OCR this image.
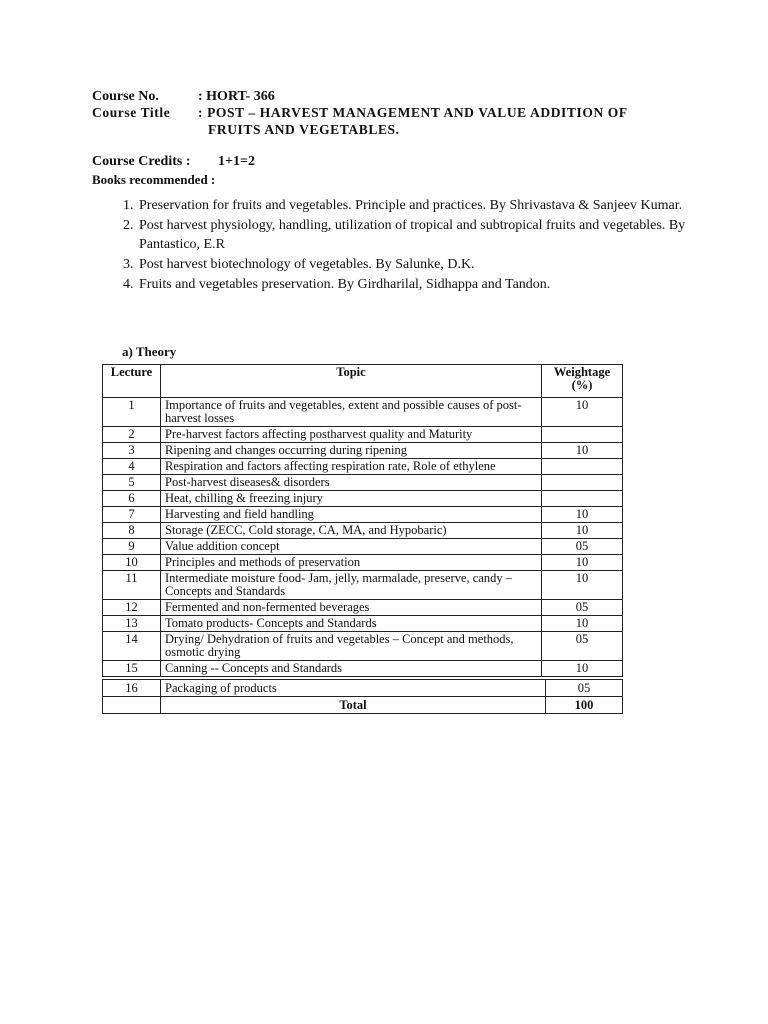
Course No.	: HORT- 366
Course Title : POST – HARVEST MANAGEMENT AND VALUE ADDITION OF
FRUITS AND VEGETABLES.
Course Credits : 1+1=2
Books recommended :
1. Preservation for fruits and vegetables. Principle and practices. By Shrivastava & Sanjeev Kumar.
2. Post harvest physiology, handling, utilization of tropical and subtropical fruits and vegetables. By Pantastico, E.R
3. Post harvest biotechnology of vegetables. By Salunke, D.K.
4. Fruits and vegetables preservation. By Girdharilal, Sidhappa and Tandon.
a) Theory
Lecture	Topic	Weightage (%)
1	Importance of fruits and vegetables, extent and possible causes of post-harvest losses	10
2	Pre-harvest factors affecting postharvest quality and Maturity	
3	Ripening and changes occurring during ripening	10
4	Respiration and factors affecting respiration rate, Role of ethylene	
5	Post-harvest diseases& disorders	
6	Heat, chilling & freezing injury	
7	Harvesting and field handling	10
8	Storage (ZECC, Cold storage, CA, MA, and Hypobaric)	10
9	Value addition concept	05
10	Principles and methods of preservation	10
11	Intermediate moisture food- Jam, jelly, marmalade, preserve, candy – Concepts and Standards	10
12	Fermented and non-fermented beverages	05
13	Tomato products- Concepts and Standards	10
14	Drying/ Dehydration of fruits and vegetables – Concept and methods, osmotic drying	05
15	Canning -- Concepts and Standards	10
16	Packaging of products	05
	Total	100
